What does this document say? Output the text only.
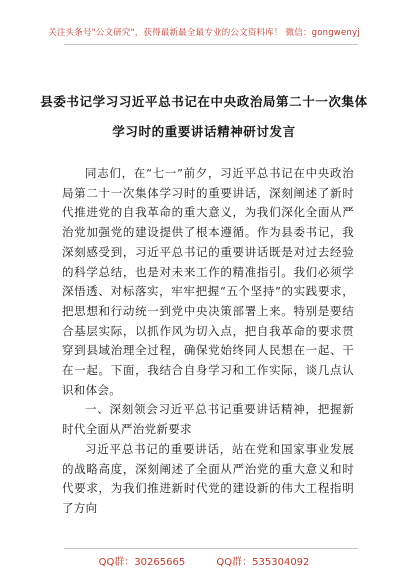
关注头条号"公文研究"，获得最新最全最专业的公文资料库！ 微信：gongwenyj
县委书记学习习近平总书记在中央政治局第二十一次集体
学习时的重要讲话精神研讨发言

同志们，在“七一”前夕，习近平总书记在中央政治局第二十一次集体学习时的重要讲话，深刻阐述了新时代推进党的自我革命的重大意义，为我们深化全面从严治党加强党的建设提供了根本遵循。作为县委书记，我深刻感受到，习近平总书记的重要讲话既是对过去经验的科学总结，也是对未来工作的精准指引。我们必须学深悟透、对标落实，牢牢把握“五个坚持”的实践要求，把思想和行动统一到党中央决策部署上来。特别是要结合基层实际，以抓作风为切入点，把自我革命的要求贯穿到县域治理全过程，确保党始终同人民想在一起、干在一起。下面，我结合自身学习和工作实际，谈几点认识和体会。

一、深刻领会习近平总书记重要讲话精神，把握新时代全面从严治党新要求

习近平总书记的重要讲话，站在党和国家事业发展的战略高度，深刻阐述了全面从严治党的重大意义和时代要求，为我们推进新时代党的建设新的伟大工程指明了方向

QQ群：30265665	QQ群：535304092
